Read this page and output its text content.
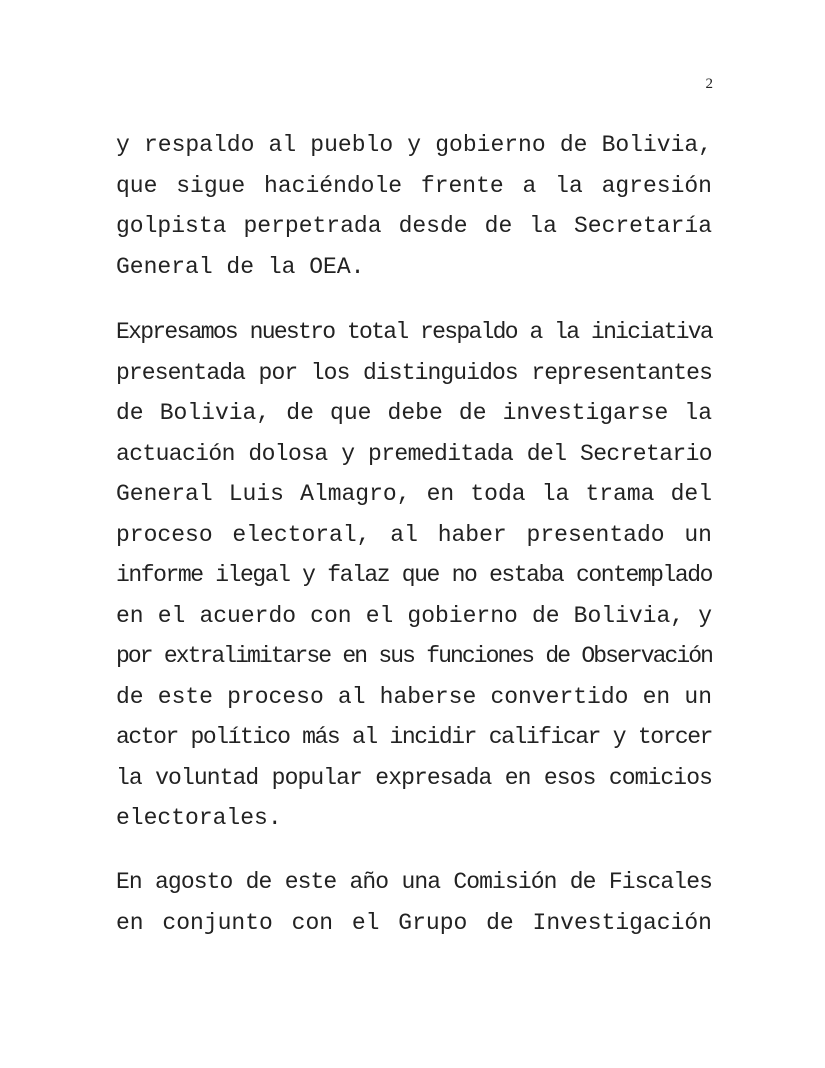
2

y respaldo al pueblo y gobierno de Bolivia,
que sigue haciéndole frente a la agresión
golpista perpetrada desde de la Secretaría
General de la OEA.

Expresamos nuestro total respaldo a la iniciativa
presentada por los distinguidos representantes
de Bolivia, de que debe de investigarse la
actuación dolosa y premeditada del Secretario
General Luis Almagro, en toda la trama del
proceso electoral, al haber presentado un
informe ilegal y falaz que no estaba contemplado
en el acuerdo con el gobierno de Bolivia, y
por extralimitarse en sus funciones de Observación
de este proceso al haberse convertido en un
actor político más al incidir calificar y torcer
la voluntad popular expresada en esos comicios
electorales.

En agosto de este año una Comisión de Fiscales
en conjunto con el Grupo de Investigación
